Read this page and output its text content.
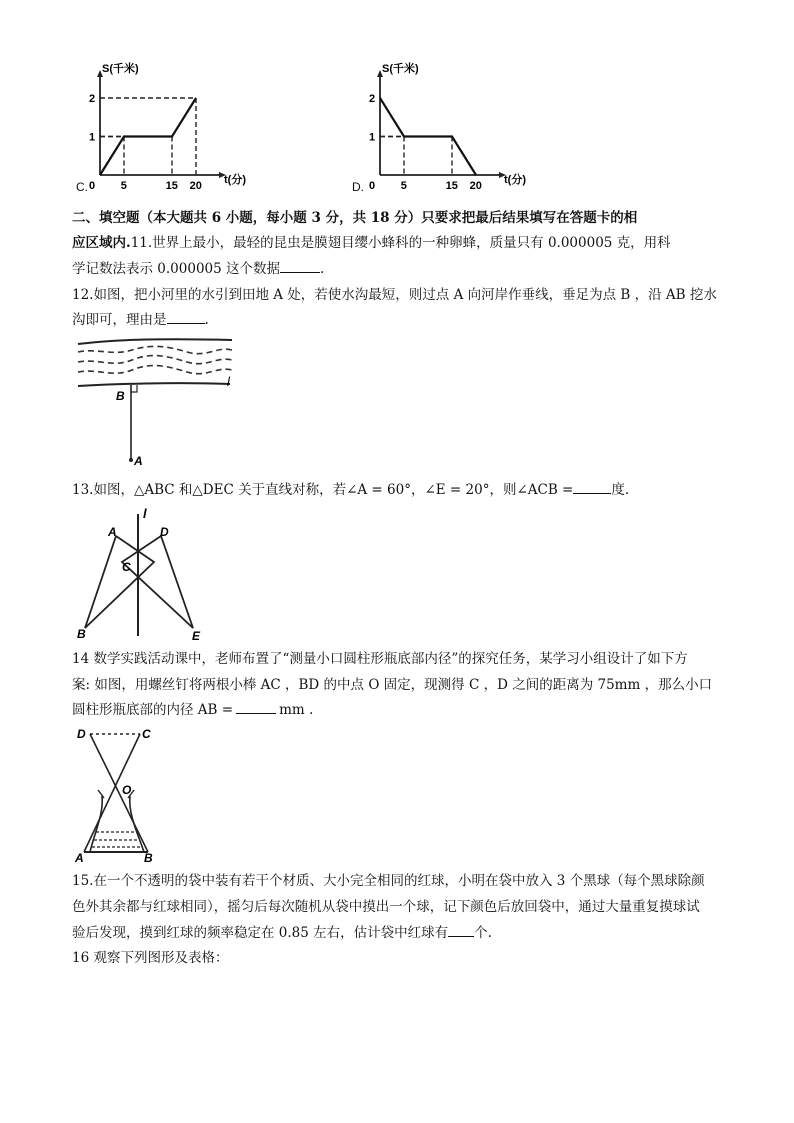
S(千米)
t(分)
2
1
0 5	15 20
C.
S(千米)
t(分)
2
1
0 5	15 20
D.
二、填空题（本大题共 6 小题，每小题 3 分，共 18 分）只要求把最后结果填写在答题卡的相
应区域内.11.世界上最小，最轻的昆虫是膜翅目缨小蜂科的一种卵蜂，质量只有 0.000005 克，用科
学记数法表示 0.000005 这个数据	.
12.如图，把小河里的水引到田地 A 处，若使水沟最短，则过点 A 向河岸作垂线，垂足为点 B ，沿 AB 挖水
沟即可，理由是	.
l
B
A
13.如图，△ABC 和△DEC 关于直线对称，若∠A = 60°，∠E = 20°，则∠ACB =	度.
l
A	D
C
B	E
14 数学实践活动课中，老师布置了“测量小口圆柱形瓶底部内径”的探究任务，某学习小组设计了如下方
案: 如图，用螺丝钉将两根小棒 AC ，BD 的中点 O 固定，现测得 C ，D 之间的距离为 75mm ，那么小口
圆柱形瓶底部的内径 AB =	mm .
D	C
O
A	B
15.在一个不透明的袋中装有若干个材质、大小完全相同的红球，小明在袋中放入 3 个黑球（每个黑球除颜
色外其余都与红球相同），摇匀后每次随机从袋中摸出一个球，记下颜色后放回袋中，通过大量重复摸球试
验后发现，摸到红球的频率稳定在 0.85 左右，估计袋中红球有 个.
16 观察下列图形及表格：
